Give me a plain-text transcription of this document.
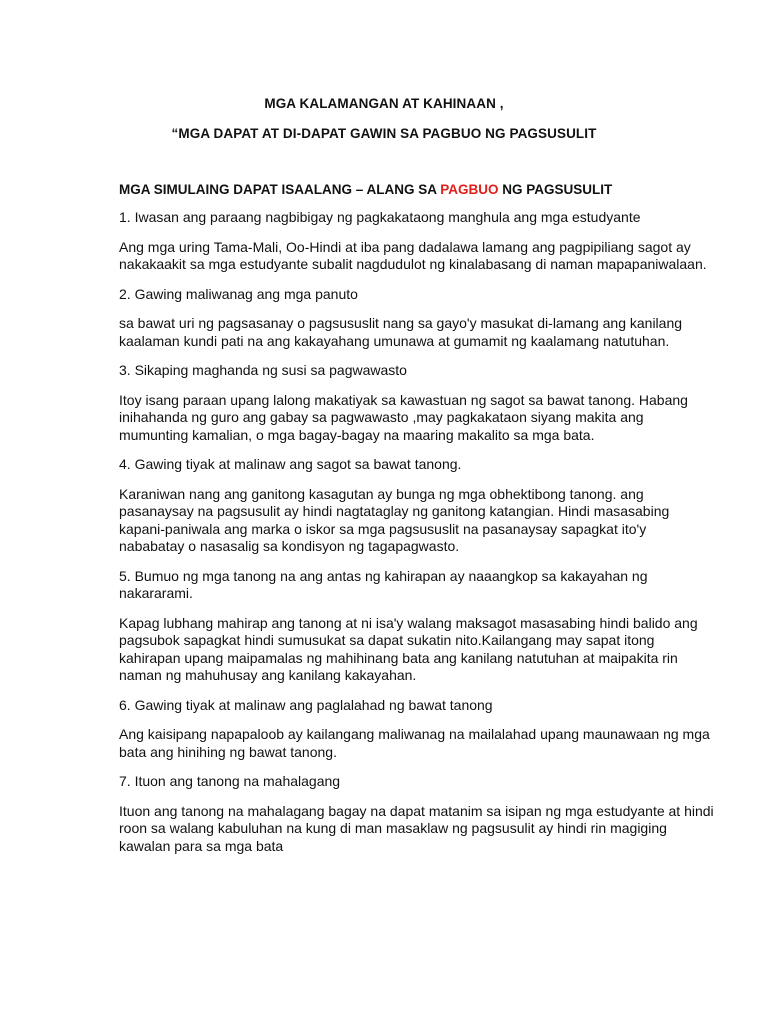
MGA KALAMANGAN AT KAHINAAN ,
“MGA DAPAT AT DI-DAPAT GAWIN SA PAGBUO NG PAGSUSULIT
MGA SIMULAING DAPAT ISAALANG – ALANG SA PAGBUO NG PAGSUSULIT
1. Iwasan ang paraang nagbibigay ng pagkakataong manghula ang mga estudyante
Ang mga uring Tama-Mali, Oo-Hindi at iba pang dadalawa lamang ang pagpipiliang sagot ay
nakakaakit sa mga estudyante subalit nagdudulot ng kinalabasang di naman mapapaniwalaan.
2. Gawing maliwanag ang mga panuto
sa bawat uri ng pagsasanay o pagsususlit nang sa gayo'y masukat di-lamang ang kanilang
kaalaman kundi pati na ang kakayahang umunawa at gumamit ng kaalamang natutuhan.
3. Sikaping maghanda ng susi sa pagwawasto
Itoy isang paraan upang lalong makatiyak sa kawastuan ng sagot sa bawat tanong. Habang
inihahanda ng guro ang gabay sa pagwawasto ,may pagkakataon siyang makita ang
mumunting kamalian, o mga bagay-bagay na maaring makalito sa mga bata.
4. Gawing tiyak at malinaw ang sagot sa bawat tanong.
Karaniwan nang ang ganitong kasagutan ay bunga ng mga obhektibong tanong. ang
pasanaysay na pagsusulit ay hindi nagtataglay ng ganitong katangian. Hindi masasabing
kapani-paniwala ang marka o iskor sa mga pagsususlit na pasanaysay sapagkat ito'y
nababatay o nasasalig sa kondisyon ng tagapagwasto.
5. Bumuo ng mga tanong na ang antas ng kahirapan ay naaangkop sa kakayahan ng
nakararami.
Kapag lubhang mahirap ang tanong at ni isa'y walang maksagot masasabing hindi balido ang
pagsubok sapagkat hindi sumusukat sa dapat sukatin nito.Kailangang may sapat itong
kahirapan upang maipamalas ng mahihinang bata ang kanilang natutuhan at maipakita rin
naman ng mahuhusay ang kanilang kakayahan.
6. Gawing tiyak at malinaw ang paglalahad ng bawat tanong
Ang kaisipang napapaloob ay kailangang maliwanag na mailalahad upang maunawaan ng mga
bata ang hinihing ng bawat tanong.
7. Ituon ang tanong na mahalagang
Ituon ang tanong na mahalagang bagay na dapat matanim sa isipan ng mga estudyante at hindi
roon sa walang kabuluhan na kung di man masaklaw ng pagsusulit ay hindi rin magiging
kawalan para sa mga bata
